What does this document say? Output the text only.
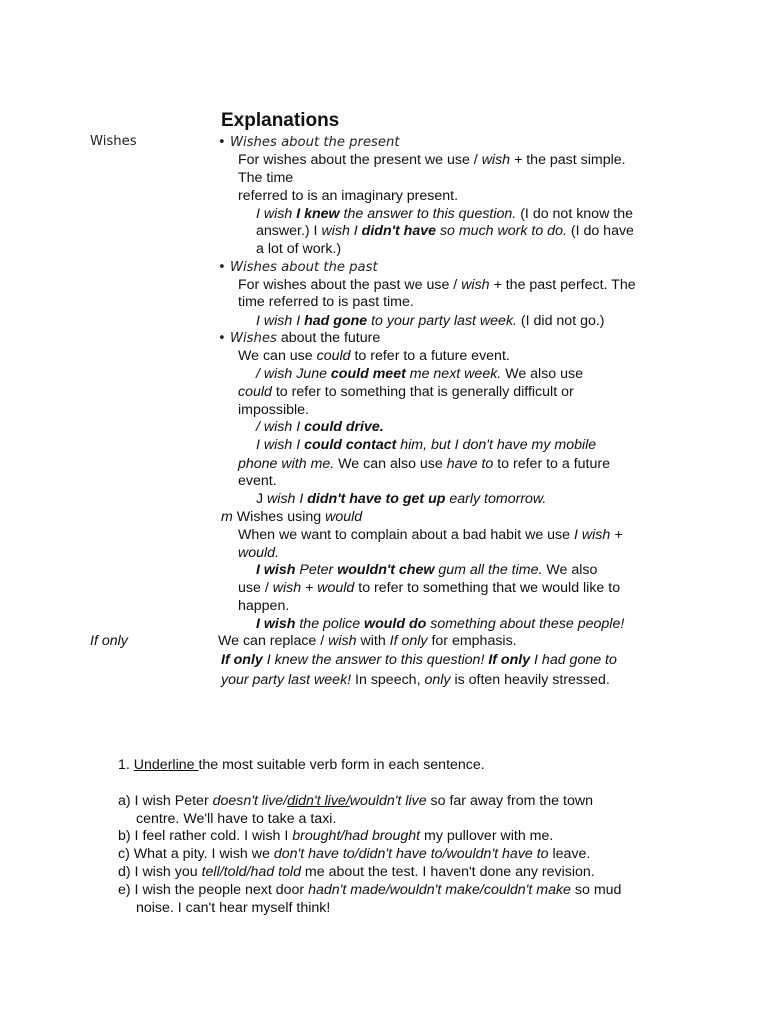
Explanations
Wishes
If only
• Wishes about the present
For wishes about the present we use / wish + the past simple.
The time
referred to is an imaginary present.
I wish I knew the answer to this question. (I do not know the
answer.) I wish I didn't have so much work to do. (I do have
a lot of work.)
• Wishes about the past
For wishes about the past we use / wish + the past perfect. The
time referred to is past time.
I wish I had gone to your party last week. (I did not go.)
• Wishes about the future
We can use could to refer to a future event.
/ wish June could meet me next week. We also use
could to refer to something that is generally difficult or
impossible.
/ wish I could drive.
I wish I could contact him, but I don't have my mobile
phone with me. We can also use have to to refer to a future
event.
J wish I didn't have to get up early tomorrow.
m Wishes using would
When we want to complain about a bad habit we use I wish +
would.
I wish Peter wouldn't chew gum all the time. We also
use / wish + would to refer to something that we would like to
happen.
I wish the police would do something about these people!
We can replace / wish with If only for emphasis.
If only I knew the answer to this question! If only I had gone to
your party last week! In speech, only is often heavily stressed.
1. Underline the most suitable verb form in each sentence.
a) I wish Peter doesn't live/didn't live/wouldn't live so far away from the town
centre. We'll have to take a taxi.
b) I feel rather cold. I wish I brought/had brought my pullover with me.
c) What a pity. I wish we don't have to/didn't have to/wouldn't have to leave.
d) I wish you tell/told/had told me about the test. I haven't done any revision.
e) I wish the people next door hadn't made/wouldn't make/couldn't make so mud
noise. I can't hear myself think!
